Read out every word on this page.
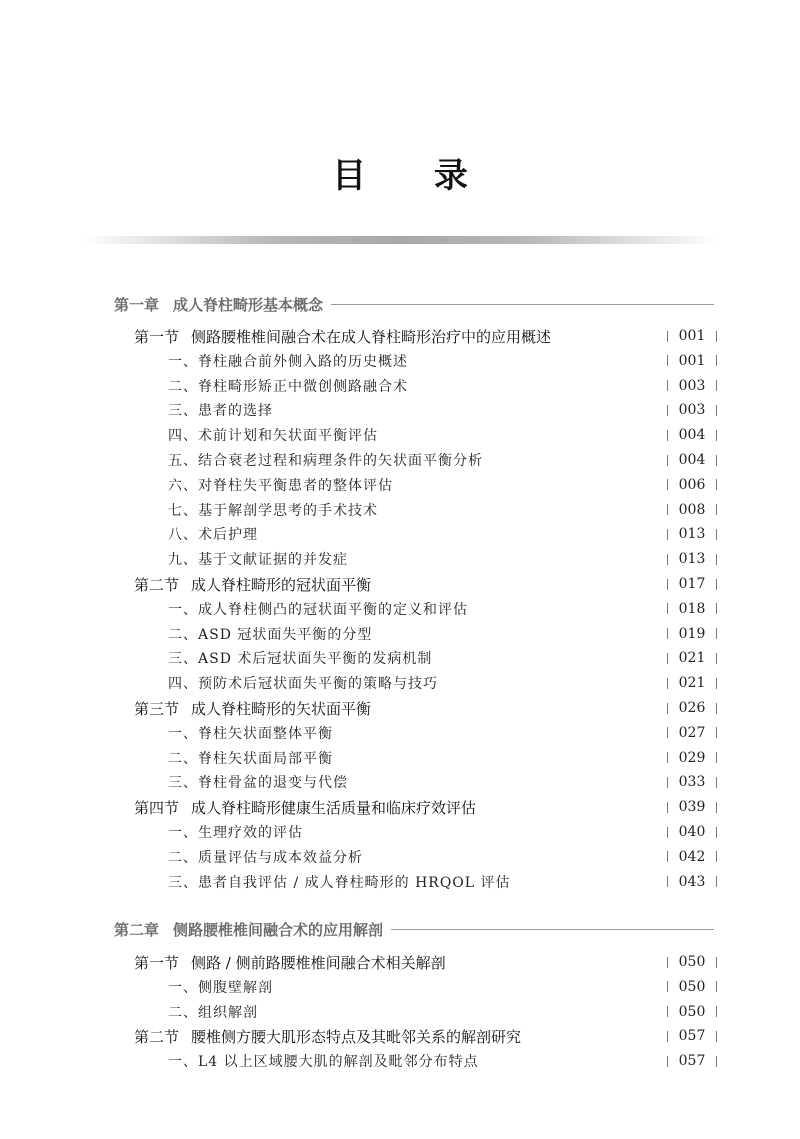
目 录
第一章 成人脊柱畸形基本概念
第一节 侧路腰椎椎间融合术在成人脊柱畸形治疗中的应用概述	001
一、脊柱融合前外侧入路的历史概述	001
二、脊柱畸形矫正中微创侧路融合术	003
三、患者的选择	003
四、术前计划和矢状面平衡评估	004
五、结合衰老过程和病理条件的矢状面平衡分析	004
六、对脊柱失平衡患者的整体评估	006
七、基于解剖学思考的手术技术	008
八、术后护理	013
九、基于文献证据的并发症	013
第二节 成人脊柱畸形的冠状面平衡	017
一、成人脊柱侧凸的冠状面平衡的定义和评估	018
二、ASD 冠状面失平衡的分型	019
三、ASD 术后冠状面失平衡的发病机制	021
四、预防术后冠状面失平衡的策略与技巧	021
第三节 成人脊柱畸形的矢状面平衡	026
一、脊柱矢状面整体平衡	027
二、脊柱矢状面局部平衡	029
三、脊柱骨盆的退变与代偿	033
第四节 成人脊柱畸形健康生活质量和临床疗效评估	039
一、生理疗效的评估	040
二、质量评估与成本效益分析	042
三、患者自我评估 / 成人脊柱畸形的 HRQOL 评估	043
第二章 侧路腰椎椎间融合术的应用解剖
第一节 侧路 / 侧前路腰椎椎间融合术相关解剖	050
一、侧腹壁解剖	050
二、组织解剖	050
第二节 腰椎侧方腰大肌形态特点及其毗邻关系的解剖研究	057
一、L4 以上区域腰大肌的解剖及毗邻分布特点	057
